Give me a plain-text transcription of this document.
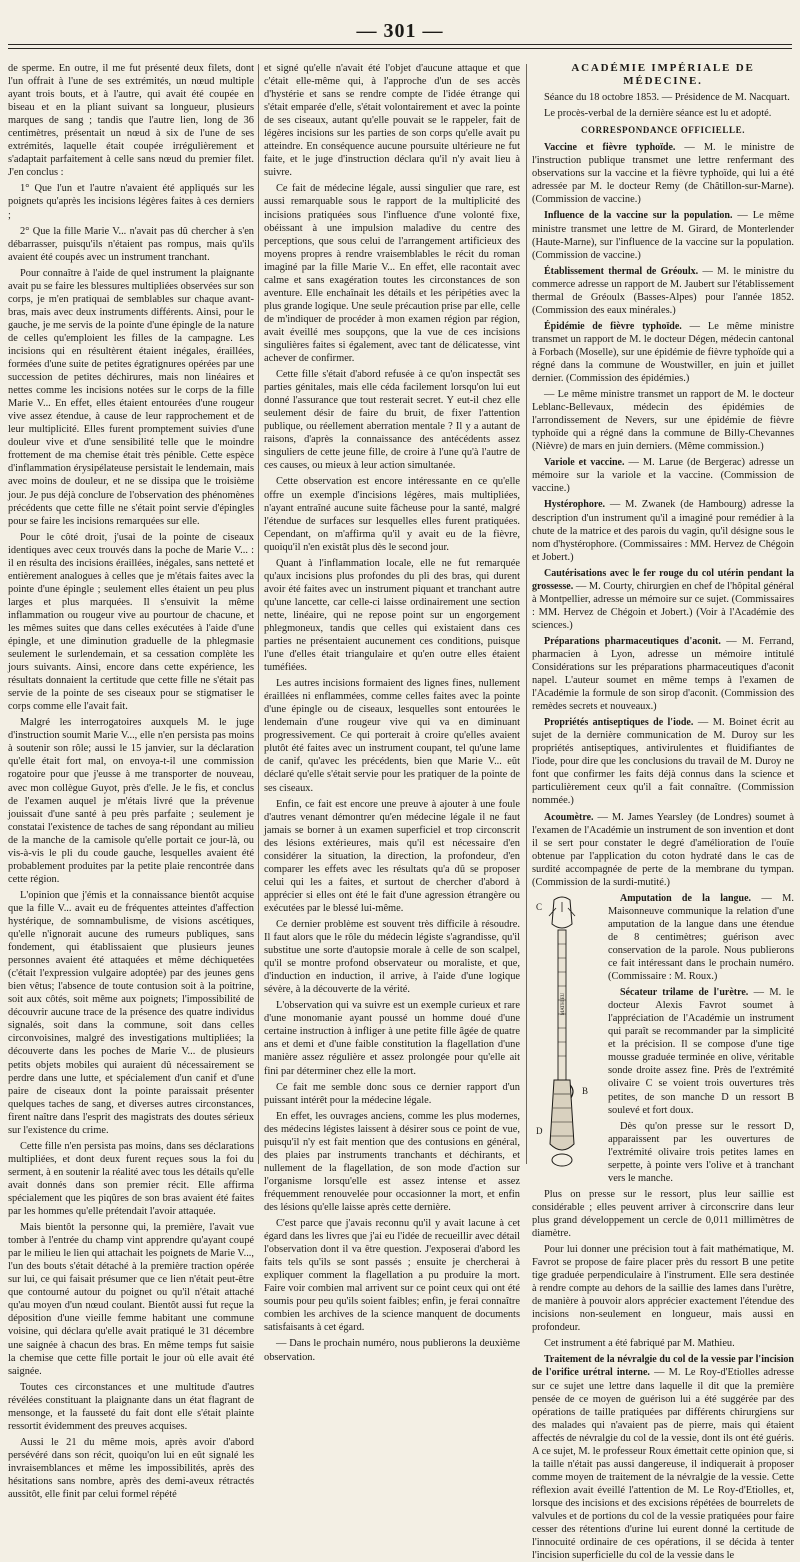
— 301 —

de sperme. En outre, il me fut présenté deux filets, dont l'un offrait à l'une de ses extrémités, un nœud multiple ayant trois bouts, et à l'autre, qui avait été coupée en biseau et en la pliant suivant sa longueur, plusieurs marques de sang ; tandis que l'autre lien, long de 36 centimètres, présentait un nœud à six de l'une de ses extrémités, laquelle était coupée irrégulièrement et s'adaptait parfaitement à celle sans nœud du premier filet. J'en conclus :

1° Que l'un et l'autre n'avaient été appliqués sur les poignets qu'après les incisions légères faites à ces derniers ;

2° Que la fille Marie V... n'avait pas dû chercher à s'en débarrasser, puisqu'ils n'étaient pas rompus, mais qu'ils avaient été coupés avec un instrument tranchant.

Pour connaître à l'aide de quel instrument la plaignante avait pu se faire les blessures multipliées observées sur son corps, je m'en pratiquai de semblables sur chaque avant-bras, mais avec deux instruments différents. Ainsi, pour le gauche, je me servis de la pointe d'une épingle de la nature de celles qu'emploient les filles de la campagne. Les incisions qui en résultèrent étaient inégales, éraillées, formées d'une suite de petites égratignures opérées par une succession de petites déchirures, mais non linéaires et nettes comme les incisions notées sur le corps de la fille Marie V... En effet, elles étaient entourées d'une rougeur vive assez étendue, à cause de leur rapprochement et de leur multiplicité. Elles furent promptement suivies d'une douleur vive et d'une sensibilité telle que le moindre frottement de ma chemise était très pénible. Cette espèce d'inflammation érysipélateuse persistait le lendemain, mais avec moins de douleur, et ne se dissipa que le troisième jour. Je pus déjà conclure de l'observation des phénomènes précédents que cette fille ne s'était point servie d'épingles pour se faire les incisions remarquées sur elle.

Pour le côté droit, j'usai de la pointe de ciseaux identiques avec ceux trouvés dans la poche de Marie V... : il en résulta des incisions éraillées, inégales, sans netteté et entièrement analogues à celles que je m'étais faites avec la pointe d'une épingle ; seulement elles étaient un peu plus larges et plus marquées. Il s'ensuivit la même inflammation ou rougeur vive au pourtour de chacune, et les mêmes suites que dans celles exécutées à l'aide d'une épingle, et une diminution graduelle de la phlegmasie seulement le surlendemain, et sa cessation complète les jours suivants. Ainsi, encore dans cette expérience, les résultats donnaient la certitude que cette fille ne s'était pas servie de la pointe de ses ciseaux pour se stigmatiser le corps comme elle l'avait fait.

Malgré les interrogatoires auxquels M. le juge d'instruction soumit Marie V..., elle n'en persista pas moins à soutenir son rôle; aussi le 15 janvier, sur la déclaration qu'elle était fort mal, on envoya-t-il une commission rogatoire pour que j'eusse à me transporter de nouveau, avec mon collègue Guyot, près d'elle. Je le fis, et conclus de l'examen auquel je m'étais livré que la prévenue jouissait d'une santé à peu près parfaite ; seulement je constatai l'existence de taches de sang répondant au milieu de la manche de la camisole qu'elle portait ce jour-là, ou vis-à-vis le pli du coude gauche, lesquelles avaient été probablement produites par la petite plaie rencontrée dans cette région.

L'opinion que j'émis et la connaissance bientôt acquise que la fille V... avait eu de fréquentes atteintes d'affection hystérique, de somnambulisme, de visions ascétiques, qu'elle n'ignorait aucune des rumeurs publiques, sans fondement, qui établissaient que plusieurs jeunes personnes avaient été attaquées et même déchiquetées (c'était l'expression vulgaire adoptée) par des jeunes gens bien vêtus; l'absence de toute contusion soit à la poitrine, soit aux côtés, soit même aux poignets; l'impossibilité de découvrir aucune trace de la présence des quatre individus signalés, soit dans la commune, soit dans celles circonvoisines, malgré des investigations multipliées; la découverte dans les poches de Marie V... de plusieurs petits objets mobiles qui auraient dû nécessairement se perdre dans une lutte, et spécialement d'un canif et d'une paire de ciseaux dont la pointe paraissait présenter quelques taches de sang, et diverses autres circonstances, firent naître dans l'esprit des magistrats des doutes sérieux sur l'existence du crime.

Cette fille n'en persista pas moins, dans ses déclarations multipliées, et dont deux furent reçues sous la foi du serment, à en soutenir la réalité avec tous les détails qu'elle avait donnés dans son premier récit. Elle affirma spécialement que les piqûres de son bras avaient été faites par les hommes qu'elle prétendait l'avoir attaquée.

Mais bientôt la personne qui, la première, l'avait vue tomber à l'entrée du champ vint apprendre qu'ayant coupé par le milieu le lien qui attachait les poignets de Marie V..., l'un des bouts s'était détaché à la première traction opérée sur lui, ce qui faisait présumer que ce lien n'était peut-être que contourné autour du poignet ou qu'il n'était attaché qu'au moyen d'un nœud coulant. Bientôt aussi fut reçue la déposition d'une vieille femme habitant une commune voisine, qui déclara qu'elle avait pratiqué le 31 décembre une saignée à chacun des bras. En même temps fut saisie la chemise que cette fille portait le jour où elle avait été saignée.

Toutes ces circonstances et une multitude d'autres révélées constituant la plaignante dans un état flagrant de mensonge, et la fausseté du fait dont elle s'était plainte ressortit évidemment des preuves acquises.

Aussi le 21 du même mois, après avoir d'abord persévéré dans son récit, quoiqu'on lui en eût signalé les invraisemblances et même les impossibilités, après des hésitations sans nombre, après des demi-aveux rétractés aussitôt, elle finit par celui formel répété

et signé qu'elle n'avait été l'objet d'aucune attaque et que c'était elle-même qui, à l'approche d'un de ses accès d'hystérie et sans se rendre compte de l'idée étrange qui s'était emparée d'elle, s'était volontairement et avec la pointe de ses ciseaux, autant qu'elle pouvait se le rappeler, fait de légères incisions sur les parties de son corps qu'elle avait pu atteindre. En conséquence aucune poursuite ultérieure ne fut faite, et le juge d'instruction déclara qu'il n'y avait lieu à suivre.

Ce fait de médecine légale, aussi singulier que rare, est aussi remarquable sous le rapport de la multiplicité des incisions pratiquées sous l'influence d'une volonté fixe, obéissant à une impulsion maladive du centre des perceptions, que sous celui de l'arrangement artificieux des moyens propres à rendre vraisemblables le récit du roman imaginé par la fille Marie V... En effet, elle racontait avec calme et sans exagération toutes les circonstances de son aventure. Elle enchaînait les détails et les péripéties avec la plus grande logique. Une seule précaution prise par elle, celle de m'indiquer de procéder à mon examen région par région, avait éveillé mes soupçons, que la vue de ces incisions singulières faites si également, avec tant de délicatesse, vint achever de confirmer.

Cette fille s'était d'abord refusée à ce qu'on inspectât ses parties génitales, mais elle céda facilement lorsqu'on lui eut donné l'assurance que tout resterait secret. Y eut-il chez elle seulement désir de faire du bruit, de fixer l'attention publique, ou réellement aberration mentale ? Il y a autant de raisons, d'après la connaissance des antécédents assez singuliers de cette jeune fille, de croire à l'une qu'à l'autre de ces causes, ou mieux à leur action simultanée.

Cette observation est encore intéressante en ce qu'elle offre un exemple d'incisions légères, mais multipliées, n'ayant entraîné aucune suite fâcheuse pour la santé, malgré l'étendue de surfaces sur lesquelles elles furent pratiquées. Cependant, on m'affirma qu'il y avait eu de la fièvre, quoiqu'il n'en existât plus dès le second jour.

Quant à l'inflammation locale, elle ne fut remarquée qu'aux incisions plus profondes du pli des bras, qui durent avoir été faites avec un instrument piquant et tranchant autre qu'une lancette, car celle-ci laisse ordinairement une section nette, linéaire, qui ne repose point sur un engorgement phlegmoneux, tandis que celles qui existaient dans ces parties ne présentaient aucunement ces conditions, puisque l'une d'elles était triangulaire et qu'en outre elles étaient tuméfiées.

Les autres incisions formaient des lignes fines, nullement éraillées ni enflammées, comme celles faites avec la pointe d'une épingle ou de ciseaux, lesquelles sont entourées le lendemain d'une rougeur vive qui va en diminuant progressivement. Ce qui porterait à croire qu'elles avaient plutôt été faites avec un instrument coupant, tel qu'une lame de canif, qu'avec les précédents, bien que Marie V... eût déclaré qu'elle s'était servie pour les pratiquer de la pointe de ses ciseaux.

Enfin, ce fait est encore une preuve à ajouter à une foule d'autres venant démontrer qu'en médecine légale il ne faut jamais se borner à un examen superficiel et trop circonscrit des lésions extérieures, mais qu'il est nécessaire d'en considérer la situation, la direction, la profondeur, d'en comparer les effets avec les résultats qu'a dû se proposer celui qui les a faites, et surtout de chercher d'abord à apprécier si elles ont été le fait d'une agression étrangère ou exécutées par le blessé lui-même.

Ce dernier problème est souvent très difficile à résoudre. Il faut alors que le rôle du médecin légiste s'agrandisse, qu'il substitue une sorte d'autopsie morale à celle de son scalpel, qu'il se montre profond observateur ou moraliste, et que, d'induction en induction, il arrive, à l'aide d'une logique sévère, à la découverte de la vérité.

L'observation qui va suivre est un exemple curieux et rare d'une monomanie ayant poussé un homme doué d'une certaine instruction à infliger à une petite fille âgée de quatre ans et demi et d'une faible constitution la flagellation d'une manière assez régulière et assez prolongée pour qu'elle ait fini par déterminer chez elle la mort.

Ce fait me semble donc sous ce dernier rapport d'un puissant intérêt pour la médecine légale.

En effet, les ouvrages anciens, comme les plus modernes, des médecins légistes laissent à désirer sous ce point de vue, puisqu'il n'y est fait mention que des contusions en général, des plaies par instruments tranchants et déchirants, et nullement de la flagellation, de son mode d'action sur l'organisme lorsqu'elle est assez intense et assez fréquemment renouvelée pour occasionner la mort, et enfin des lésions qu'elle laisse après cette dernière.

C'est parce que j'avais reconnu qu'il y avait lacune à cet égard dans les livres que j'ai eu l'idée de recueillir avec détail l'observation dont il va être question. J'exposerai d'abord les faits tels qu'ils se sont passés ; ensuite je chercherai à expliquer comment la flagellation a pu produire la mort. Faire voir combien mal arrivent sur ce point ceux qui ont été soumis pour peu qu'ils soient faibles; enfin, je ferai connaître combien les archives de la science manquent de documents satisfaisants à cet égard.

— Dans le prochain numéro, nous publierons la deuxième observation.

ACADÉMIE IMPÉRIALE DE MÉDECINE.

Séance du 18 octobre 1853. — Présidence de M. Nacquart.

Le procès-verbal de la dernière séance est lu et adopté.

CORRESPONDANCE OFFICIELLE.

Vaccine et fièvre typhoïde. — M. le ministre de l'instruction publique transmet une lettre renfermant des observations sur la vaccine et la fièvre typhoïde, qui lui a été adressée par M. le docteur Remy (de Châtillon-sur-Marne). (Commission de vaccine.)

Influence de la vaccine sur la population. — Le même ministre transmet une lettre de M. Girard, de Monterlender (Haute-Marne), sur l'influence de la vaccine sur la population. (Commission de vaccine.)

Établissement thermal de Gréoulx. — M. le ministre du commerce adresse un rapport de M. Jaubert sur l'établissement thermal de Gréoulx (Basses-Alpes) pour l'année 1852. (Commission des eaux minérales.)

Épidémie de fièvre typhoïde. — Le même ministre transmet un rapport de M. le docteur Dégen, médecin cantonal à Forbach (Moselle), sur une épidémie de fièvre typhoïde qui a régné dans la commune de Woustwiller, en juin et juillet dernier. (Commission des épidémies.)

— Le même ministre transmet un rapport de M. le docteur Leblanc-Bellevaux, médecin des épidémies de l'arrondissement de Nevers, sur une épidémie de fièvre typhoïde qui a régné dans la commune de Billy-Chevannes (Nièvre) de mars en juin derniers. (Même commission.)

Variole et vaccine. — M. Larue (de Bergerac) adresse un mémoire sur la variole et la vaccine. (Commission de vaccine.)

Hystérophore. — M. Zwanek (de Hambourg) adresse la description d'un instrument qu'il a imaginé pour remédier à la chute de la matrice et des parois du vagin, qu'il désigne sous le nom d'hystérophore. (Commissaires : MM. Hervez de Chégoin et Jobert.)

Cautérisations avec le fer rouge du col utérin pendant la grossesse. — M. Courty, chirurgien en chef de l'hôpital général à Montpellier, adresse un mémoire sur ce sujet. (Commissaires : MM. Hervez de Chégoin et Jobert.) (Voir à l'Académie des sciences.)

Préparations pharmaceutiques d'aconit. — M. Ferrand, pharmacien à Lyon, adresse un mémoire intitulé Considérations sur les préparations pharmaceutiques d'aconit napel. L'auteur soumet en même temps à l'examen de l'Académie la formule de son sirop d'aconit. (Commission des remèdes secrets et nouveaux.)

Propriétés antiseptiques de l'iode. — M. Boinet écrit au sujet de la dernière communication de M. Duroy sur les propriétés antiseptiques, antivirulentes et fluidifiantes de l'iode, pour dire que les conclusions du travail de M. Duroy ne font que confirmer les faits déjà connus dans la science et particulièrement ceux qu'il a fait connaître. (Commission nommée.)

Acoumètre. — M. James Yearsley (de Londres) soumet à l'examen de l'Académie un instrument de son invention et dont il se sert pour constater le degré d'amélioration de l'ouïe obtenue par l'application du coton hydraté dans le cas de surdité accompagnée de perte de la membrane du tympan. (Commission de la surdi-mutité.)

C
MATHIEU
B
D

Amputation de la langue. — M. Maisonneuve communique la relation d'une amputation de la langue dans une étendue de 8 centimètres; guérison avec conservation de la parole. Nous publierons ce fait intéressant dans le prochain numéro. (Commissaire : M. Roux.)

Sécateur trilame de l'urètre. — M. le docteur Alexis Favrot soumet à l'appréciation de l'Académie un instrument qui paraît se recommander par la simplicité et la précision. Il se compose d'une tige mousse graduée terminée en olive, véritable sonde droite assez fine. Près de l'extrémité olivaire C se voient trois ouvertures très petites, de son manche D un ressort B soulevé et fort doux.

Dès qu'on presse sur le ressort D, apparaissent par les ouvertures de l'extrémité olivaire trois petites lames en serpette, à pointe vers l'olive et à tranchant vers le manche.

Plus on presse sur le ressort, plus leur saillie est considérable ; elles peuvent arriver à circonscrire dans leur plus grand développement un cercle de 0,011 millimètres de diamètre.

Pour lui donner une précision tout à fait mathématique, M. Favrot se propose de faire placer près du ressort B une petite tige graduée perpendiculaire à l'instrument. Elle sera destinée à rendre compte au dehors de la saillie des lames dans l'urètre, de manière à pouvoir alors apprécier exactement l'étendue des incisions non-seulement en longueur, mais aussi en profondeur.

Cet instrument a été fabriqué par M. Mathieu.

Traitement de la névralgie du col de la vessie par l'incision de l'orifice urétral interne. — M. Le Roy-d'Etiolles adresse sur ce sujet une lettre dans laquelle il dit que la première pensée de ce moyen de guérison lui a été suggérée par des opérations de taille pratiquées par différents chirurgiens sur des malades qui n'avaient pas de pierre, mais qui étaient affectés de névralgie du col de la vessie, dont ils ont été guéris. A ce sujet, M. le professeur Roux émettait cette opinion que, si la taille n'était pas aussi dangereuse, il indiquerait à proposer comme moyen de traitement de la névralgie de la vessie. Cette réflexion avait éveillé l'attention de M. Le Roy-d'Etiolles, et, lorsque des incisions et des excisions répétées de bourrelets de valvules et de portions du col de la vessie pratiquées pour faire cesser des rétentions d'urine lui eurent donné la certitude de l'innocuité ordinaire de ces opérations, il se décida à tenter l'incision superficielle du col de la vessie dans le
